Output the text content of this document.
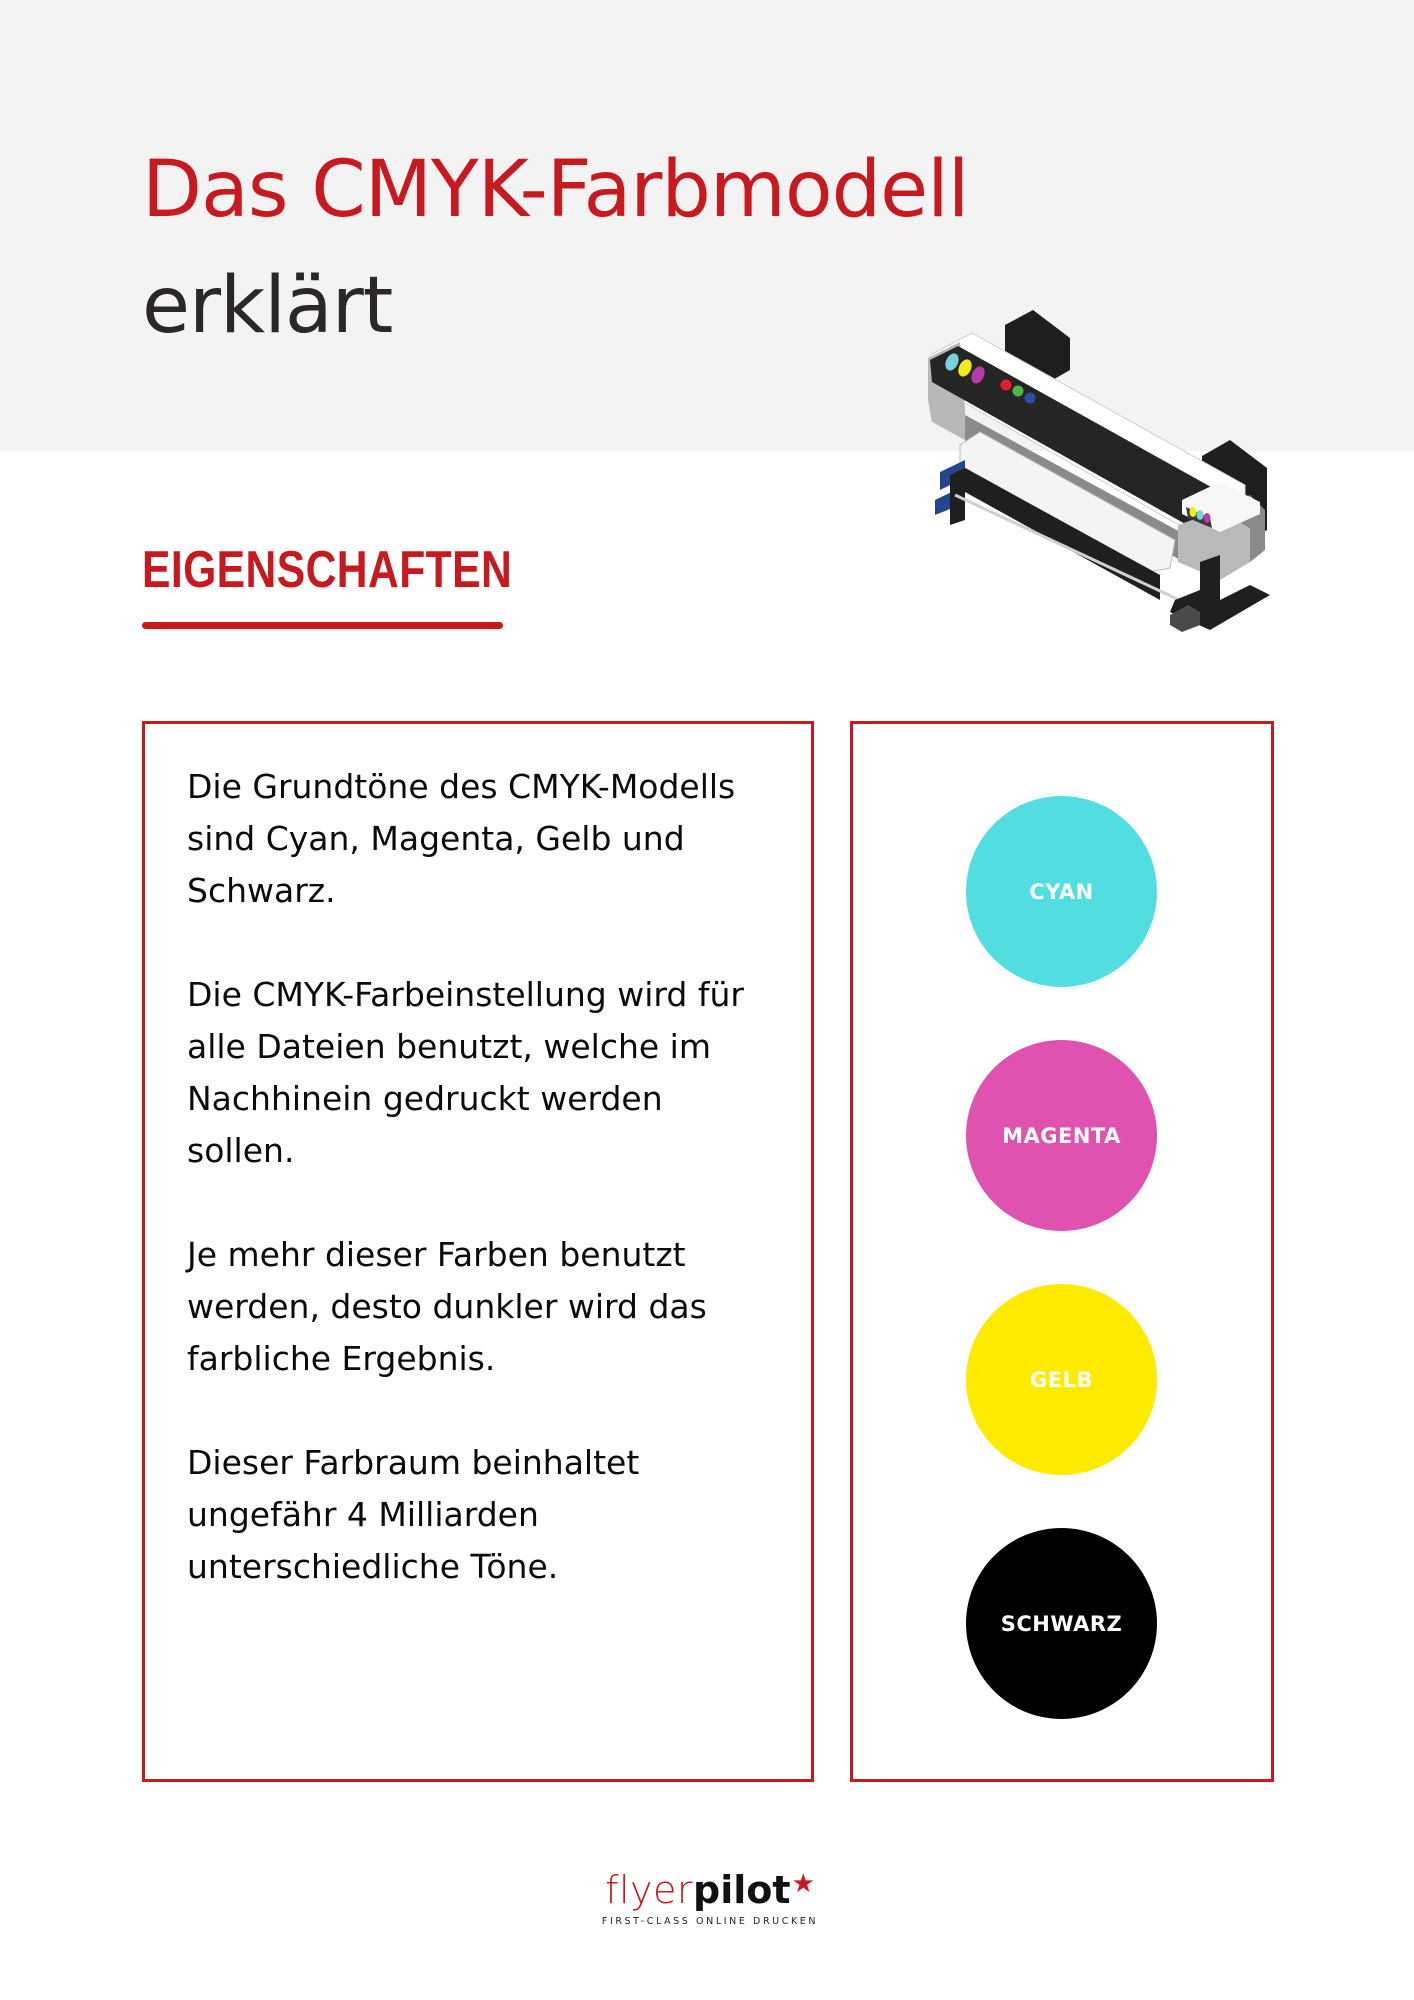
Das CMYK-Farbmodell
erklärt
EIGENSCHAFTEN

Die Grundtöne des CMYK-Modells sind Cyan, Magenta, Gelb und Schwarz.

Die CMYK-Farbeinstellung wird für alle Dateien benutzt, welche im Nachhinein gedruckt werden sollen.

Je mehr dieser Farben benutzt werden, desto dunkler wird das farbliche Ergebnis.

Dieser Farbraum beinhaltet ungefähr 4 Milliarden unterschiedliche Töne.

CYAN
MAGENTA
GELB
SCHWARZ
flyer pilot ★
FIRST-CLASS ONLINE DRUCKEN
